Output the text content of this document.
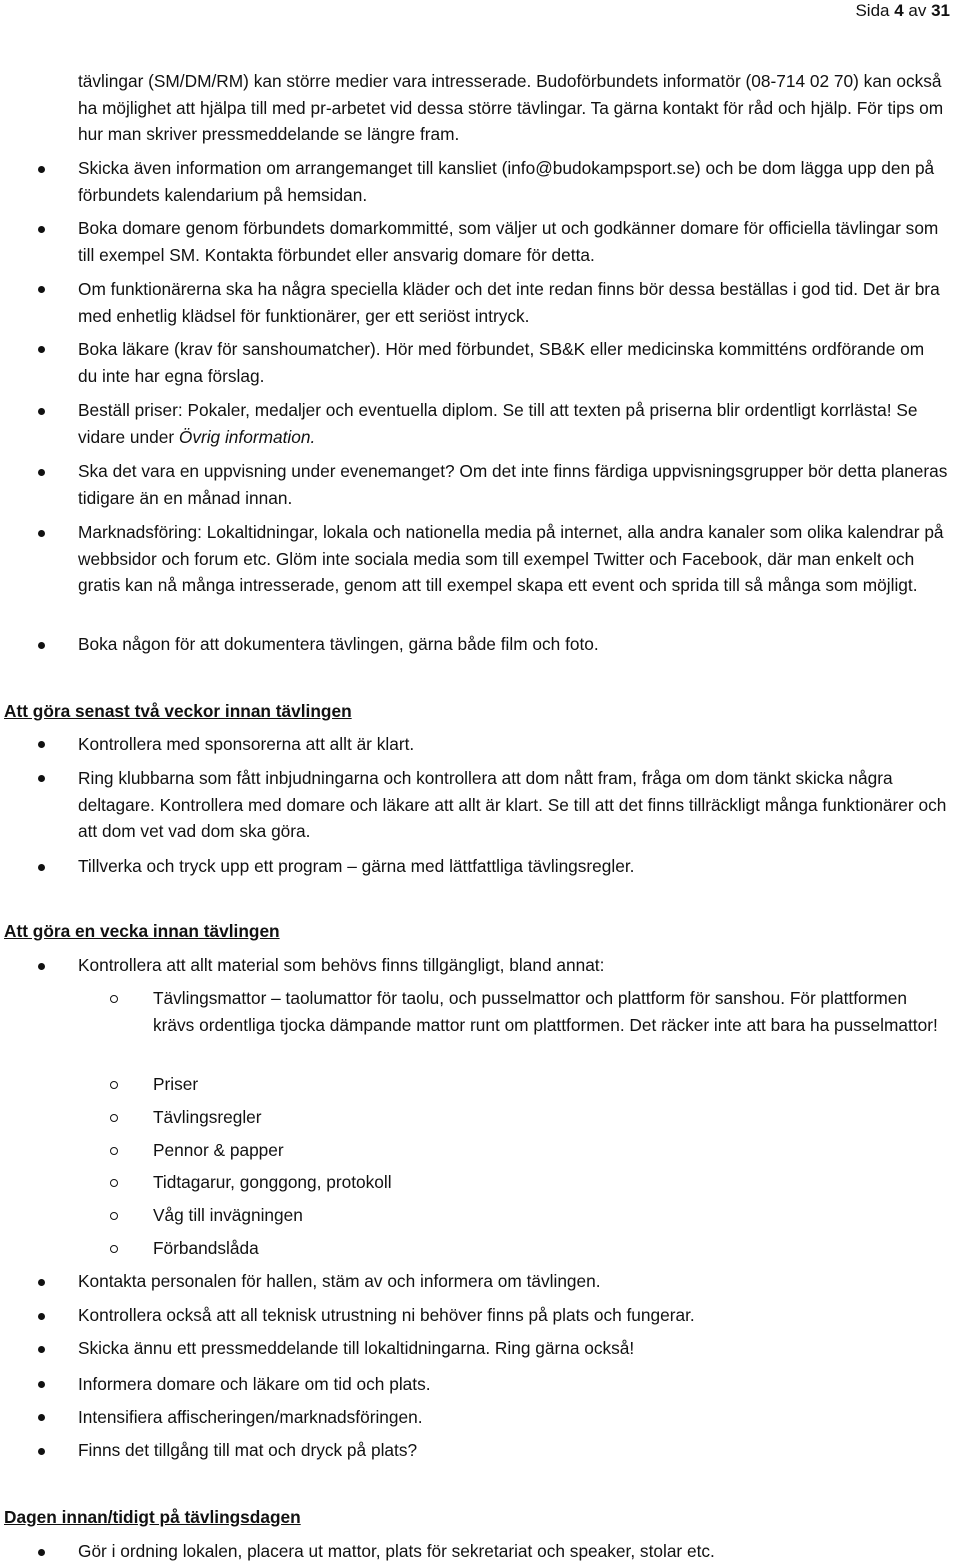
Sida 4 av 31

tävlingar (SM/DM/RM) kan större medier vara intresserade. Budoförbundets informatör (08-714 02 70) kan också ha möjlighet att hjälpa till med pr-arbetet vid dessa större tävlingar. Ta gärna kontakt för råd och hjälp. För tips om hur man skriver pressmeddelande se längre fram.

Skicka även information om arrangemanget till kansliet (info@budokampsport.se) och be dom lägga upp den på förbundets kalendarium på hemsidan.

Boka domare genom förbundets domarkommitté, som väljer ut och godkänner domare för officiella tävlingar som till exempel SM. Kontakta förbundet eller ansvarig domare för detta.

Om funktionärerna ska ha några speciella kläder och det inte redan finns bör dessa beställas i god tid. Det är bra med enhetlig klädsel för funktionärer, ger ett seriöst intryck.

Boka läkare (krav för sanshoumatcher). Hör med förbundet, SB&K eller medicinska kommitténs ordförande om du inte har egna förslag.

Beställ priser: Pokaler, medaljer och eventuella diplom. Se till att texten på priserna blir ordentligt korrlästa! Se vidare under Övrig information.

Ska det vara en uppvisning under evenemanget? Om det inte finns färdiga uppvisningsgrupper bör detta planeras tidigare än en månad innan.

Marknadsföring: Lokaltidningar, lokala och nationella media på internet, alla andra kanaler som olika kalendrar på webbsidor och forum etc. Glöm inte sociala media som till exempel Twitter och Facebook, där man enkelt och gratis kan nå många intresserade, genom att till exempel skapa ett event och sprida till så många som möjligt.

Boka någon för att dokumentera tävlingen, gärna både film och foto.

Att göra senast två veckor innan tävlingen

Kontrollera med sponsorerna att allt är klart.

Ring klubbarna som fått inbjudningarna och kontrollera att dom nått fram, fråga om dom tänkt skicka några deltagare. Kontrollera med domare och läkare att allt är klart. Se till att det finns tillräckligt många funktionärer och att dom vet vad dom ska göra.

Tillverka och tryck upp ett program – gärna med lättfattliga tävlingsregler.

Att göra en vecka innan tävlingen

Kontrollera att allt material som behövs finns tillgängligt, bland annat:

Tävlingsmattor – taolumattor för taolu, och pusselmattor och plattform för sanshou. För plattformen krävs ordentliga tjocka dämpande mattor runt om plattformen. Det räcker inte att bara ha pusselmattor!

Priser

Tävlingsregler

Pennor & papper

Tidtagarur, gonggong, protokoll

Våg till invägningen

Förbandslåda

Kontakta personalen för hallen, stäm av och informera om tävlingen.

Kontrollera också att all teknisk utrustning ni behöver finns på plats och fungerar.

Skicka ännu ett pressmeddelande till lokaltidningarna. Ring gärna också!

Informera domare och läkare om tid och plats.

Intensifiera affischeringen/marknadsföringen.

Finns det tillgång till mat och dryck på plats?

Dagen innan/tidigt på tävlingsdagen

Gör i ordning lokalen, placera ut mattor, plats för sekretariat och speaker, stolar etc.
